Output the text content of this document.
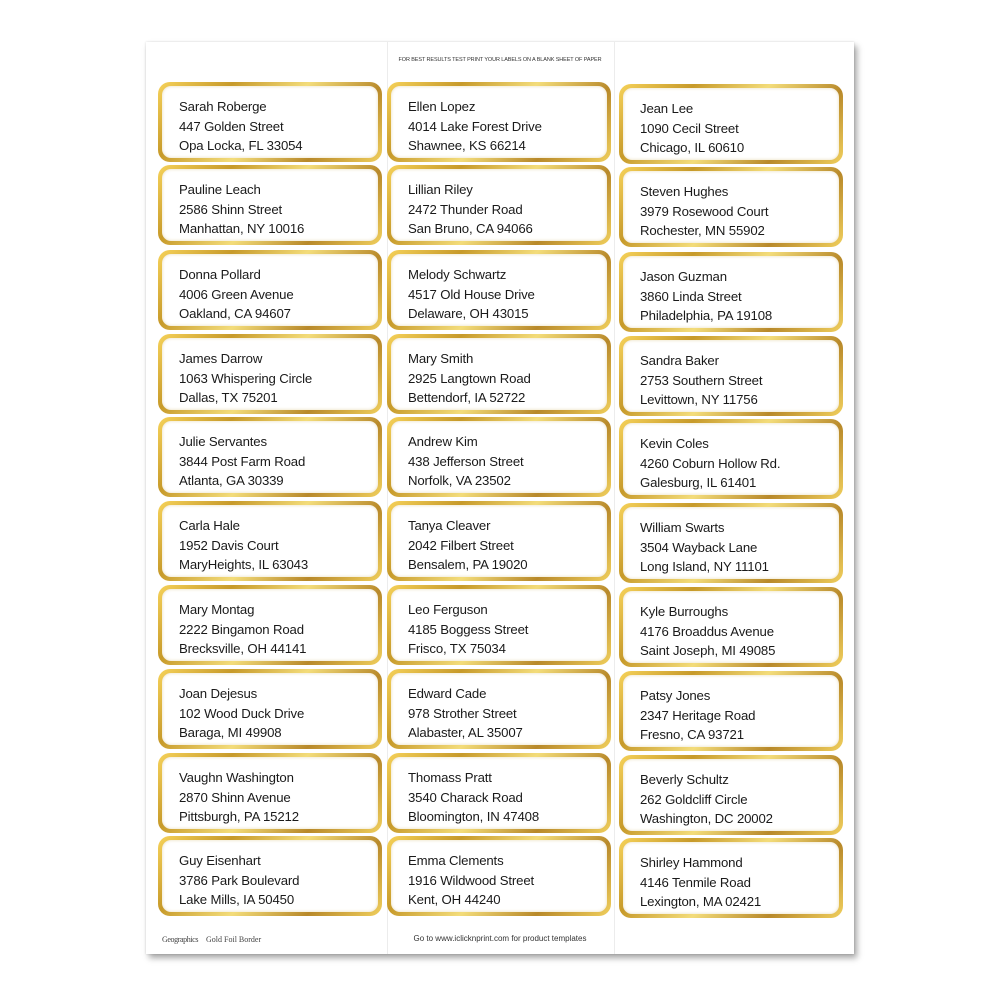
FOR BEST RESULTS TEST PRINT YOUR LABELS ON A BLANK SHEET OF PAPER
Sarah Roberge
447 Golden Street
Opa Locka, FL 33054
Ellen Lopez
4014 Lake Forest Drive
Shawnee, KS 66214
Jean Lee
1090 Cecil Street
Chicago, IL 60610
Pauline Leach
2586 Shinn Street
Manhattan, NY 10016
Lillian Riley
2472 Thunder Road
San Bruno, CA 94066
Steven Hughes
3979 Rosewood Court
Rochester, MN 55902
Donna Pollard
4006 Green Avenue
Oakland, CA 94607
Melody Schwartz
4517 Old House Drive
Delaware, OH 43015
Jason Guzman
3860 Linda Street
Philadelphia, PA 19108
James Darrow
1063 Whispering Circle
Dallas, TX 75201
Mary Smith
2925 Langtown Road
Bettendorf, IA 52722
Sandra Baker
2753 Southern Street
Levittown, NY 11756
Julie Servantes
3844 Post Farm Road
Atlanta, GA 30339
Andrew Kim
438 Jefferson Street
Norfolk, VA 23502
Kevin Coles
4260 Coburn Hollow Rd.
Galesburg, IL 61401
Carla Hale
1952 Davis Court
MaryHeights, IL 63043
Tanya Cleaver
2042 Filbert Street
Bensalem, PA 19020
William Swarts
3504 Wayback Lane
Long Island, NY 11101
Mary Montag
2222 Bingamon Road
Brecksville, OH 44141
Leo Ferguson
4185 Boggess Street
Frisco, TX 75034
Kyle Burroughs
4176 Broaddus Avenue
Saint Joseph, MI 49085
Joan Dejesus
102 Wood Duck Drive
Baraga, MI 49908
Edward Cade
978 Strother Street
Alabaster, AL 35007
Patsy Jones
2347 Heritage Road
Fresno, CA 93721
Vaughn Washington
2870 Shinn Avenue
Pittsburgh, PA 15212
Thomass Pratt
3540 Charack Road
Bloomington, IN 47408
Beverly Schultz
262 Goldcliff Circle
Washington, DC 20002
Guy Eisenhart
3786 Park Boulevard
Lake Mills, IA 50450
Emma Clements
1916 Wildwood Street
Kent, OH 44240
Shirley Hammond
4146 Tenmile Road
Lexington, MA 02421
Geographics Gold Foil Border	Go to www.iclicknprint.com for product templates
